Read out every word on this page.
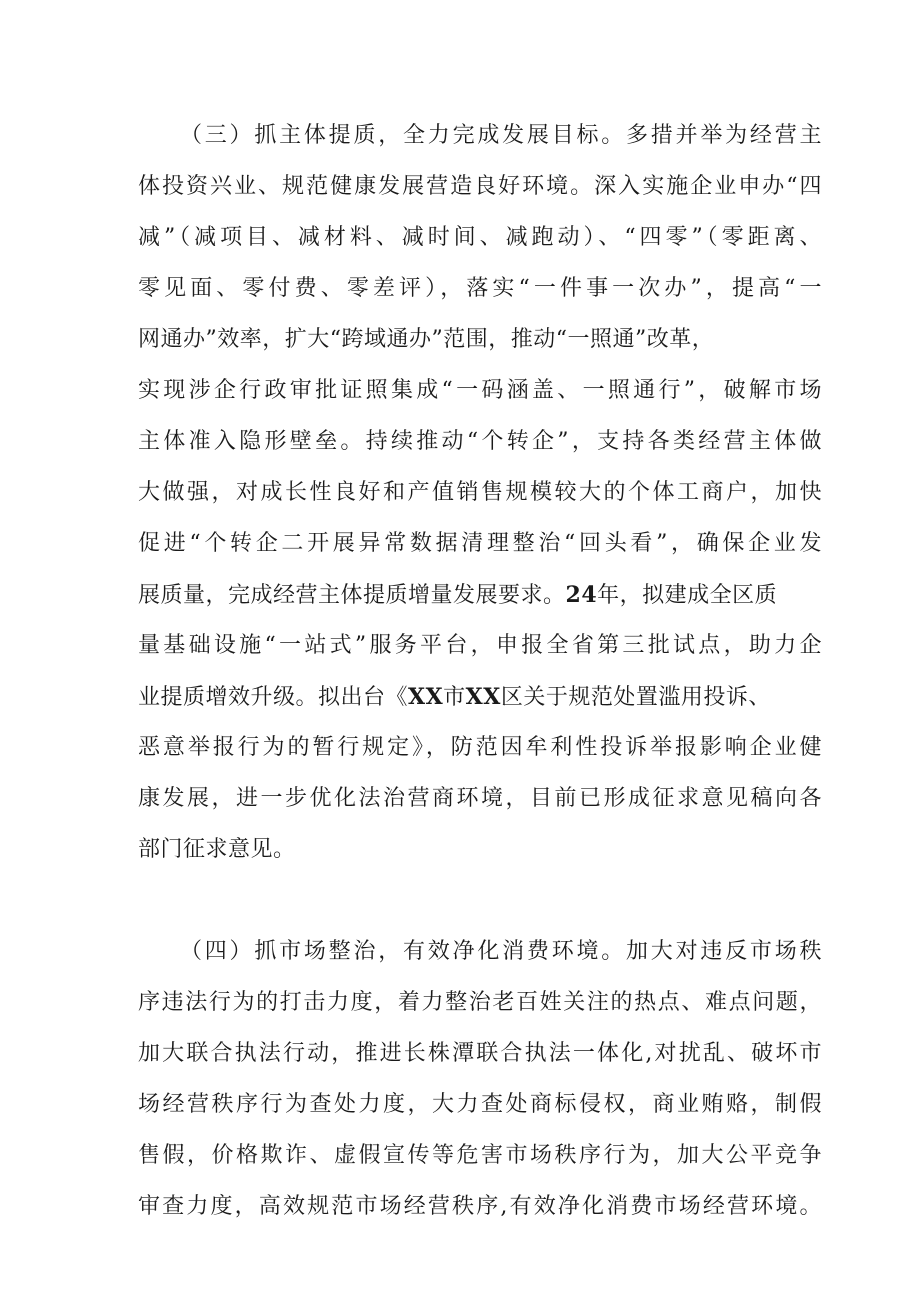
（三）抓主体提质，全力完成发展目标。多措并举为经营主
体投资兴业、规范健康发展营造良好环境。深入实施企业申办“四
减”（减项目、减材料、减时间、减跑动）、“四零”（零距离、
零见面、零付费、零差评），落实“一件事一次办”，提高“一
网通办”效率，扩大“跨域通办”范围，推动“一照通”改革，
实现涉企行政审批证照集成“一码涵盖、一照通行”，破解市场
主体准入隐形壁垒。持续推动“个转企”，支持各类经营主体做
大做强，对成长性良好和产值销售规模较大的个体工商户，加快
促进“个转企二开展异常数据清理整治“回头看”，确保企业发
展质量，完成经营主体提质增量发展要求。24年，拟建成全区质
量基础设施“一站式”服务平台，申报全省第三批试点，助力企
业提质增效升级。拟出台《XX市XX区关于规范处置滥用投诉、
恶意举报行为的暂行规定》，防范因牟利性投诉举报影响企业健
康发展，进一步优化法治营商环境，目前已形成征求意见稿向各
部门征求意见。
（四）抓市场整治，有效净化消费环境。加大对违反市场秩
序违法行为的打击力度，着力整治老百姓关注的热点、难点问题，
加大联合执法行动，推进长株潭联合执法一体化,对扰乱、破坏市
场经营秩序行为查处力度，大力查处商标侵权，商业贿赂，制假
售假，价格欺诈、虚假宣传等危害市场秩序行为，加大公平竞争
审查力度，高效规范市场经营秩序,有效净化消费市场经营环境。
